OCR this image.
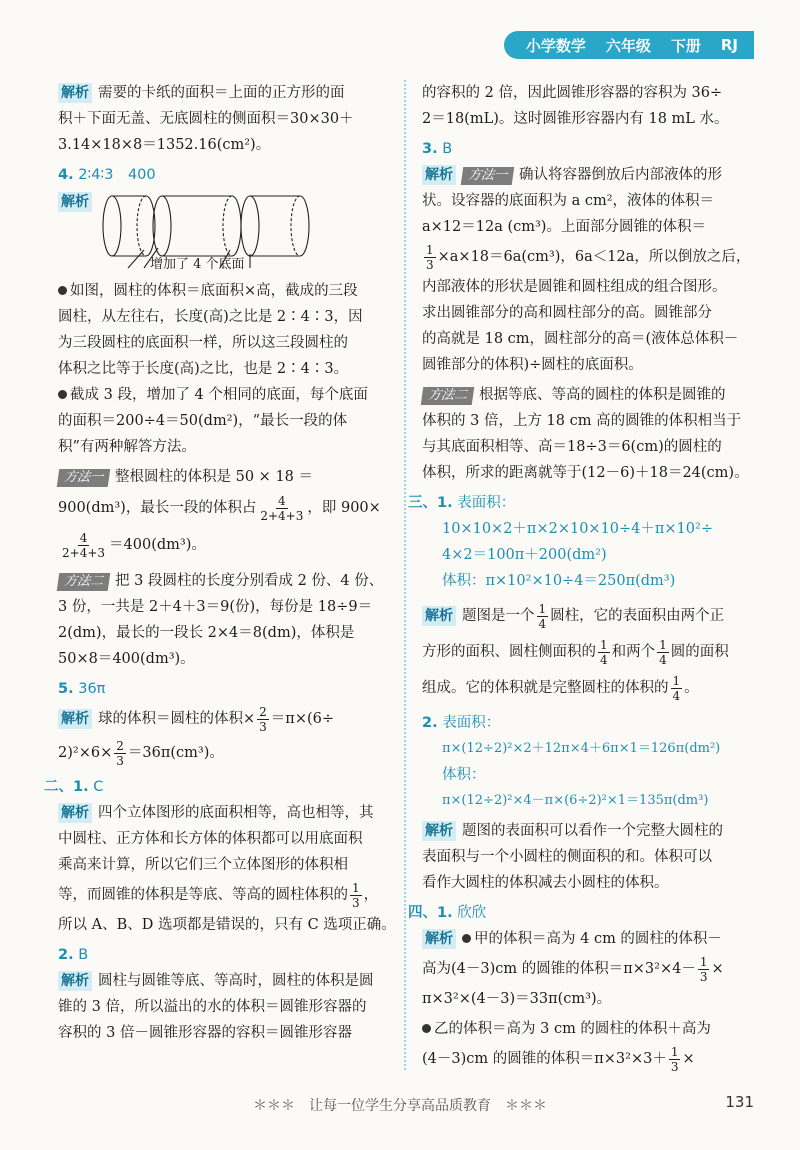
小学数学 六年级 下册 RJ

解析 需要的卡纸的面积＝上面的正方形的面

积＋下面无盖、无底圆柱的侧面积＝30×30＋

3.14×18×8＝1352.16(cm²)。

4. 2∶4∶3　400

解析

增加了 4 个底面

如图，圆柱的体积＝底面积×高，截成的三段

圆柱，从左往右，长度(高)之比是 2∶4∶3，因

为三段圆柱的底面积一样，所以这三段圆柱的

体积之比等于长度(高)之比，也是 2∶4∶3。

截成 3 段，增加了 4 个相同的底面，每个底面

的面积＝200÷4＝50(dm²)，“最长一段的体

积”有两种解答方法。

方法一 整根圆柱的体积是 50 × 18 ＝

900(dm³)，最长一段的体积占 $\frac{4}{2+4+3}$ ，即 900×

$\frac{4}{2+4+3} =400(dm^3)$。

方法二 把 3 段圆柱的长度分别看成 2 份、4 份、

3 份，一共是 2＋4＋3＝9(份)，每份是 18÷9＝

2(dm)，最长的一段长 2×4＝8(dm)，体积是

50×8＝400(dm³)。

5. 36π

解析 球的体积＝圆柱的体积× $\frac{2}{3} =\pi\times(6\div$

$2)^2\times 6\times \frac{2}{3} =36\pi(cm^3)$。

二、1. C

解析 四个立体图形的底面积相等，高也相等，其

中圆柱、正方体和长方体的体积都可以用底面积

乘高来计算，所以它们三个立体图形的体积相

等，而圆锥的体积是等底、等高的圆柱体积的 $\frac{1}{3}$ ，

所以 A、B、D 选项都是错误的，只有 C 选项正确。

2. B

解析 圆柱与圆锥等底、等高时，圆柱的体积是圆

锥的 3 倍，所以溢出的水的体积＝圆锥形容器的

容积的 3 倍－圆锥形容器的容积＝圆锥形容器

的容积的 2 倍，因此圆锥形容器的容积为 36÷

2＝18(mL)。这时圆锥形容器内有 18 mL 水。

3. B

解析 方法一 确认将容器倒放后内部液体的形

状。设容器的底面积为 a cm²，液体的体积＝

a×12＝12a (cm³)。上面部分圆锥的体积＝

$\frac{1}{3} \times a\times 18=6a(cm^3)$，6a＜12a，所以倒放之后，

内部液体的形状是圆锥和圆柱组成的组合图形。

求出圆锥部分的高和圆柱部分的高。圆锥部分

的高就是 18 cm，圆柱部分的高＝(液体总体积－

圆锥部分的体积)÷圆柱的底面积。

方法二 根据等底、等高的圆柱的体积是圆锥的

体积的 3 倍，上方 18 cm 高的圆锥的体积相当于

与其底面积相等、高＝18÷3＝6(cm)的圆柱的

体积，所求的距离就等于(12－6)＋18＝24(cm)。

三、1. 表面积：

10×10×2＋π×2×10×10÷4＋π×10²÷

4×2＝100π＋200(dm²)

体积：π×10²×10÷4＝250π(dm³)

解析 题图是一个 $\frac{1}{4}$ 圆柱，它的表面积由两个正

方形的面积、圆柱侧面积的 $\frac{1}{4}$ 和两个 $\frac{1}{4}$ 圆的面积

组成。它的体积就是完整圆柱的体积的 $\frac{1}{4}$ 。

2. 表面积：

π×(12÷2)²×2＋12π×4＋6π×1＝126π(dm²)

体积：

π×(12÷2)²×4－π×(6÷2)²×1＝135π(dm³)

解析 题图的表面积可以看作一个完整大圆柱的

表面积与一个小圆柱的侧面积的和。体积可以

看作大圆柱的体积减去小圆柱的体积。

四、1. 欣欣

解析 甲的体积＝高为 4 cm 的圆柱的体积－

高为(4－3)cm 的圆锥的体积$=\pi\times 3^2\times 4- \frac{1}{3}$ ×

π×3²×(4－3)＝33π(cm³)。

乙的体积＝高为 3 cm 的圆柱的体积＋高为

(4－3)cm 的圆锥的体积$=\pi\times 3^2\times 3+ \frac{1}{3}$ ×

＊＊＊　让每一位学生分享高品质教育　＊＊＊	131
